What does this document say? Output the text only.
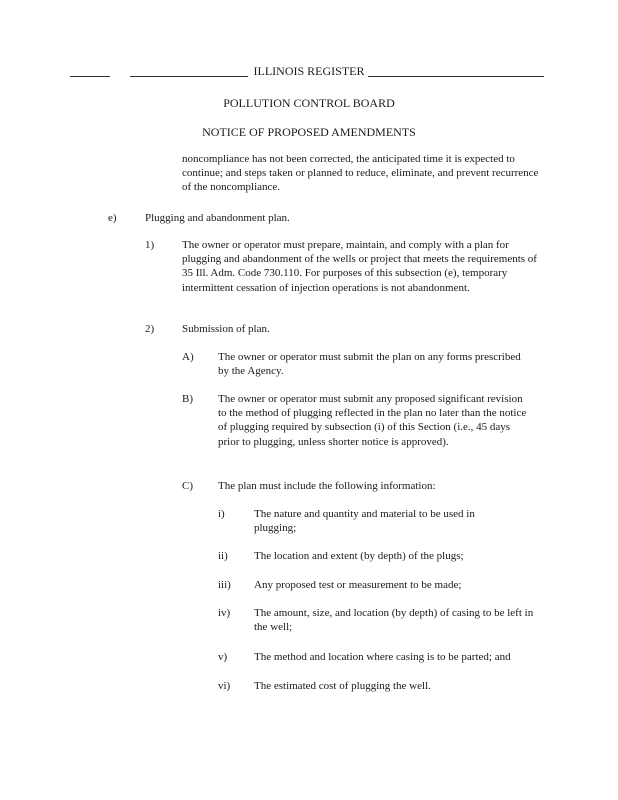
ILLINOIS REGISTER
POLLUTION CONTROL BOARD
NOTICE OF PROPOSED AMENDMENTS
noncompliance has not been corrected, the anticipated time it is expected to continue; and steps taken or planned to reduce, eliminate, and prevent recurrence of the noncompliance.
e)	Plugging and abandonment plan.
1)	The owner or operator must prepare, maintain, and comply with a plan for plugging and abandonment of the wells or project that meets the requirements of 35 Ill. Adm. Code 730.110. For purposes of this subsection (e), temporary intermittent cessation of injection operations is not abandonment.
2)	Submission of plan.
A) The owner or operator must submit the plan on any forms prescribed by the Agency.
B) The owner or operator must submit any proposed significant revision to the method of plugging reflected in the plan no later than the notice of plugging required by subsection (i) of this Section (i.e., 45 days prior to plugging, unless shorter notice is approved).
C) The plan must include the following information:
i)	The nature and quantity and material to be used in plugging;
ii) The location and extent (by depth) of the plugs;
iii) Any proposed test or measurement to be made;
iv) The amount, size, and location (by depth) of casing to be left in the well;
v) The method and location where casing is to be parted; and
vi) The estimated cost of plugging the well.
